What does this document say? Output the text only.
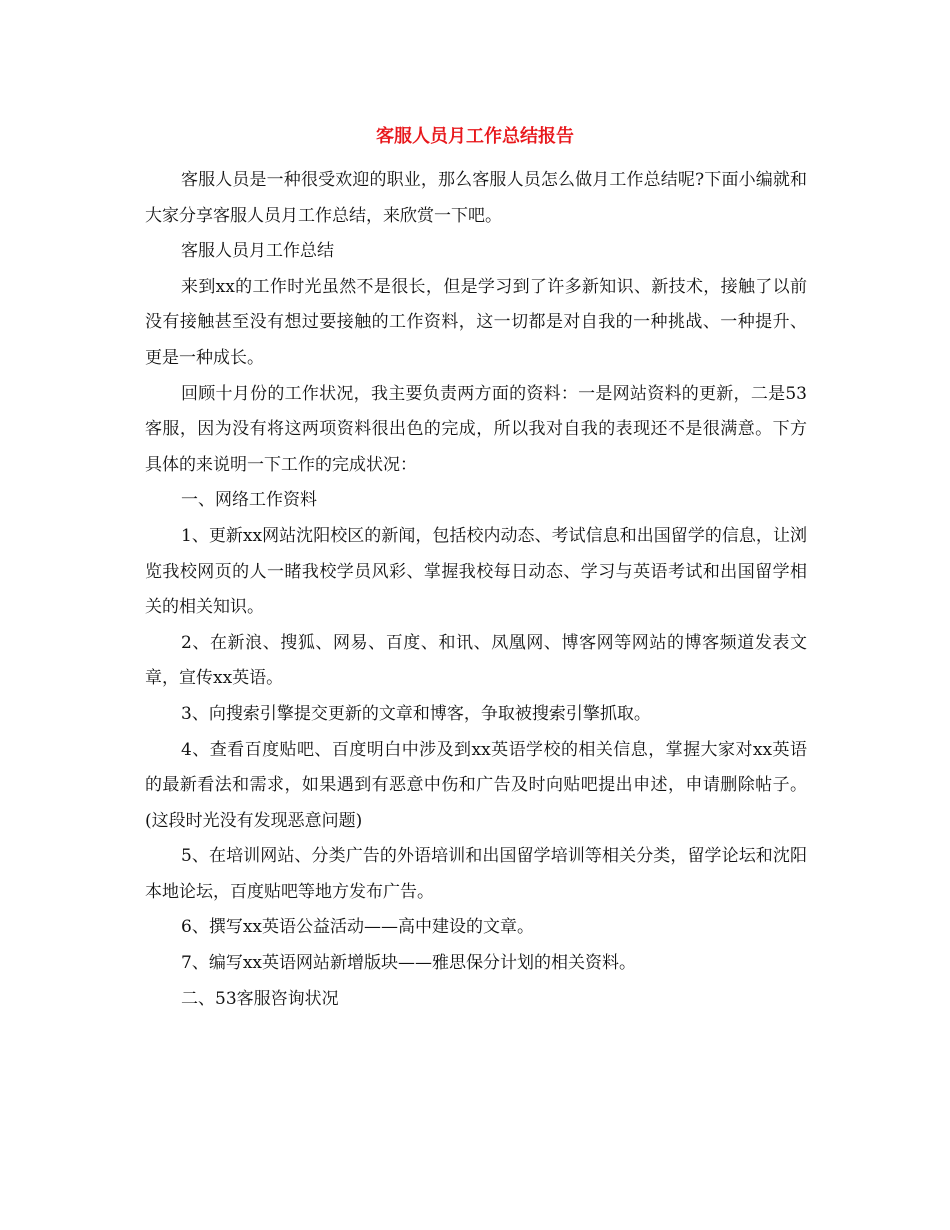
客服人员月工作总结报告

客服人员是一种很受欢迎的职业，那么客服人员怎么做月工作总结呢?下面小编就和大家分享客服人员月工作总结，来欣赏一下吧。

客服人员月工作总结

来到xx的工作时光虽然不是很长，但是学习到了许多新知识、新技术，接触了以前没有接触甚至没有想过要接触的工作资料，这一切都是对自我的一种挑战、一种提升、更是一种成长。

回顾十月份的工作状况，我主要负责两方面的资料：一是网站资料的更新，二是53客服，因为没有将这两项资料很出色的完成，所以我对自我的表现还不是很满意。下方具体的来说明一下工作的完成状况：

一、网络工作资料

1、更新xx网站沈阳校区的新闻，包括校内动态、考试信息和出国留学的信息，让浏览我校网页的人一睹我校学员风彩、掌握我校每日动态、学习与英语考试和出国留学相关的相关知识。

2、在新浪、搜狐、网易、百度、和讯、凤凰网、博客网等网站的博客频道发表文章，宣传xx英语。

3、向搜索引擎提交更新的文章和博客，争取被搜索引擎抓取。

4、查看百度贴吧、百度明白中涉及到xx英语学校的相关信息，掌握大家对xx英语的最新看法和需求，如果遇到有恶意中伤和广告及时向贴吧提出申述，申请删除帖子。(这段时光没有发现恶意问题)

5、在培训网站、分类广告的外语培训和出国留学培训等相关分类，留学论坛和沈阳本地论坛，百度贴吧等地方发布广告。

6、撰写xx英语公益活动——高中建设的文章。

7、编写xx英语网站新增版块——雅思保分计划的相关资料。

二、53客服咨询状况
